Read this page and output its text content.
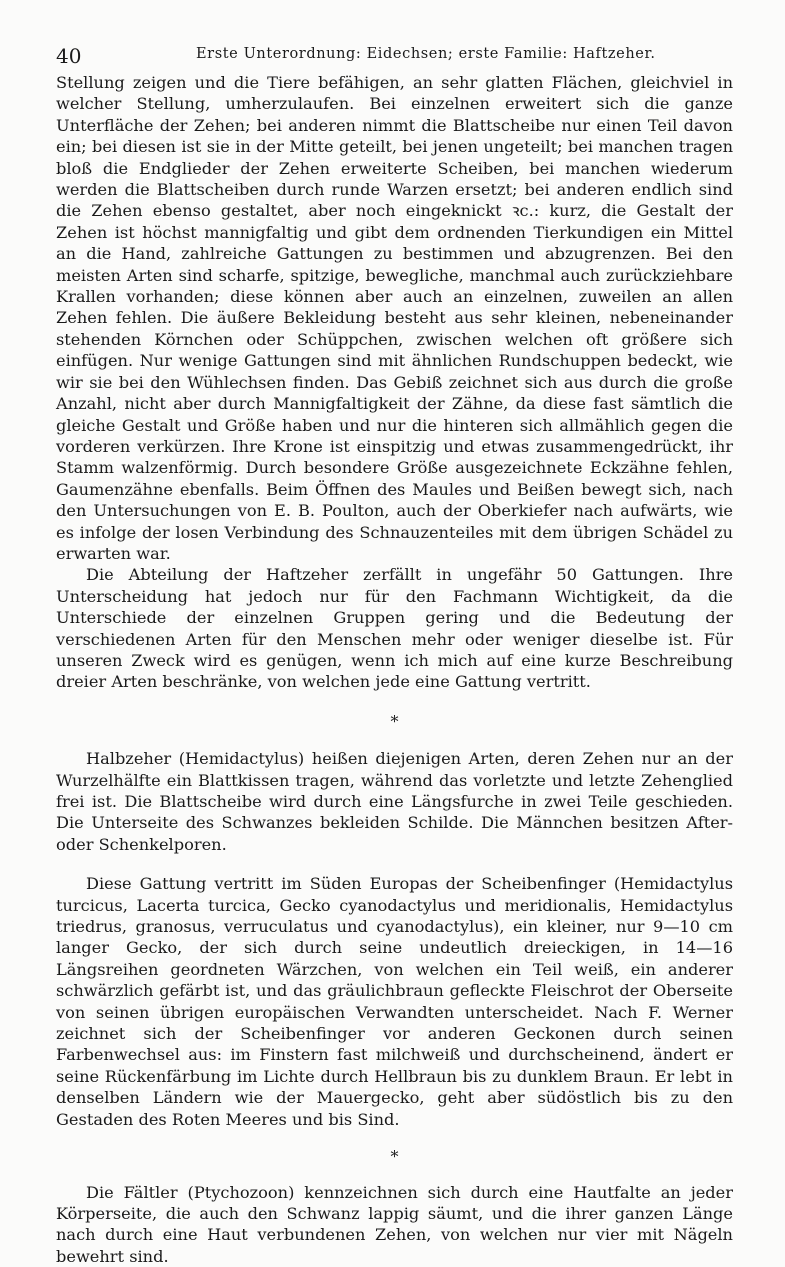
40	Erste Unterordnung: Eidechsen; erste Familie: Haftzeher.

Stellung zeigen und die Tiere befähigen, an sehr glatten Flächen, gleichviel in welcher Stellung, umherzulaufen. Bei einzelnen erweitert sich die ganze Unterfläche der Zehen; bei anderen nimmt die Blattscheibe nur einen Teil davon ein; bei diesen ist sie in der Mitte geteilt, bei jenen ungeteilt; bei manchen tragen bloß die Endglieder der Zehen erweiterte Scheiben, bei manchen wiederum werden die Blattscheiben durch runde Warzen ersetzt; bei anderen endlich sind die Zehen ebenso gestaltet, aber noch eingeknickt ꝛc.: kurz, die Gestalt der Zehen ist höchst mannigfaltig und gibt dem ordnenden Tierkundigen ein Mittel an die Hand, zahlreiche Gattungen zu bestimmen und abzugrenzen. Bei den meisten Arten sind scharfe, spitzige, bewegliche, manchmal auch zurückziehbare Krallen vorhanden; diese können aber auch an einzelnen, zuweilen an allen Zehen fehlen. Die äußere Bekleidung besteht aus sehr kleinen, nebeneinander stehenden Körnchen oder Schüppchen, zwischen welchen oft größere sich einfügen. Nur wenige Gattungen sind mit ähnlichen Rundschuppen bedeckt, wie wir sie bei den Wühlechsen finden. Das Gebiß zeichnet sich aus durch die große Anzahl, nicht aber durch Mannigfaltigkeit der Zähne, da diese fast sämtlich die gleiche Gestalt und Größe haben und nur die hinteren sich allmählich gegen die vorderen verkürzen. Ihre Krone ist einspitzig und etwas zusammengedrückt, ihr Stamm walzenförmig. Durch besondere Größe ausgezeichnete Eckzähne fehlen, Gaumenzähne ebenfalls. Beim Öffnen des Maules und Beißen bewegt sich, nach den Untersuchungen von E. B. Poulton, auch der Oberkiefer nach aufwärts, wie es infolge der losen Verbindung des Schnauzenteiles mit dem übrigen Schädel zu erwarten war.

Die Abteilung der Haftzeher zerfällt in ungefähr 50 Gattungen. Ihre Unterscheidung hat jedoch nur für den Fachmann Wichtigkeit, da die Unterschiede der einzelnen Gruppen gering und die Bedeutung der verschiedenen Arten für den Menschen mehr oder weniger dieselbe ist. Für unseren Zweck wird es genügen, wenn ich mich auf eine kurze Beschreibung dreier Arten beschränke, von welchen jede eine Gattung vertritt.

*

Halbzeher (Hemidactylus) heißen diejenigen Arten, deren Zehen nur an der Wurzelhälfte ein Blattkissen tragen, während das vorletzte und letzte Zehenglied frei ist. Die Blattscheibe wird durch eine Längsfurche in zwei Teile geschieden. Die Unterseite des Schwanzes bekleiden Schilde. Die Männchen besitzen After- oder Schenkelporen.

Diese Gattung vertritt im Süden Europas der Scheibenfinger (Hemidactylus turcicus, Lacerta turcica, Gecko cyanodactylus und meridionalis, Hemidactylus triedrus, granosus, verruculatus und cyanodactylus), ein kleiner, nur 9—10 cm langer Gecko, der sich durch seine undeutlich dreieckigen, in 14—16 Längsreihen geordneten Wärzchen, von welchen ein Teil weiß, ein anderer schwärzlich gefärbt ist, und das gräulichbraun gefleckte Fleischrot der Oberseite von seinen übrigen europäischen Verwandten unterscheidet. Nach F. Werner zeichnet sich der Scheibenfinger vor anderen Geckonen durch seinen Farbenwechsel aus: im Finstern fast milchweiß und durchscheinend, ändert er seine Rückenfärbung im Lichte durch Hellbraun bis zu dunklem Braun. Er lebt in denselben Ländern wie der Mauergecko, geht aber südöstlich bis zu den Gestaden des Roten Meeres und bis Sind.

*

Die Fältler (Ptychozoon) kennzeichnen sich durch eine Hautfalte an jeder Körperseite, die auch den Schwanz lappig säumt, und die ihrer ganzen Länge nach durch eine Haut verbundenen Zehen, von welchen nur vier mit Nägeln bewehrt sind.
